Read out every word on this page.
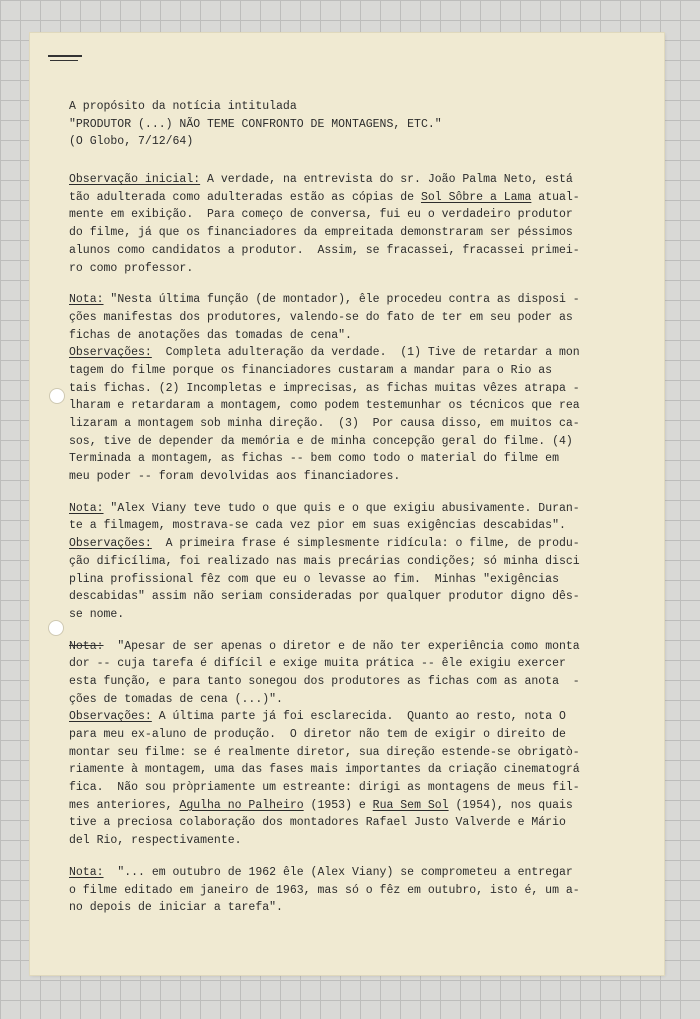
A propósito da notícia intitulada
"PRODUTOR (...) NÃO TEME CONFRONTO DE MONTAGENS, ETC."
(O Globo, 7/12/64)
Observação inicial: A verdade, na entrevista do sr. João Palma Neto, está
tão adulterada como adulteradas estão as cópias de Sol Sôbre a Lama atual-
mente em exibição.  Para começo de conversa, fui eu o verdadeiro produtor
do filme, já que os financiadores da empreitada demonstraram ser péssimos
alunos como candidatos a produtor.  Assim, se fracassei, fracassei primei-
ro como professor.
Nota: "Nesta última função (de montador), êle procedeu contra as disposi -
ções manifestas dos produtores, valendo-se do fato de ter em seu poder as
fichas de anotações das tomadas de cena".
Observações:  Completa adulteração da verdade.  (1) Tive de retardar a mon
tagem do filme porque os financiadores custaram a mandar para o Rio as
tais fichas. (2) Incompletas e imprecisas, as fichas muitas vêzes atrapa -
lharam e retardaram a montagem, como podem testemunhar os técnicos que rea
lizaram a montagem sob minha direção.  (3)  Por causa disso, em muitos ca-
sos, tive de depender da memória e de minha concepção geral do filme. (4)
Terminada a montagem, as fichas -- bem como todo o material do filme em
meu poder -- foram devolvidas aos financiadores.
Nota: "Alex Viany teve tudo o que quis e o que exigiu abusivamente. Duran-
te a filmagem, mostrava-se cada vez pior em suas exigências descabidas".
Observações:  A primeira frase é simplesmente ridícula: o filme, de produ-
ção dificílima, foi realizado nas mais precárias condições; só minha disci
plina profissional fêz com que eu o levasse ao fim.  Minhas "exigências
descabidas" assim não seriam consideradas por qualquer produtor digno dês-
se nome.
Nota:  "Apesar de ser apenas o diretor e de não ter experiência como monta
dor -- cuja tarefa é difícil e exige muita prática -- êle exigiu exercer
esta função, e para tanto sonegou dos produtores as fichas com as anota  -
ções de tomadas de cena (...)".
Observações: A última parte já foi esclarecida.  Quanto ao resto, nota O
para meu ex-aluno de produção.  O diretor não tem de exigir o direito de
montar seu filme: se é realmente diretor, sua direção estende-se obrigatò-
riamente à montagem, uma das fases mais importantes da criação cinematográ
fica.  Não sou pròpriamente um estreante: dirigi as montagens de meus fil-
mes anteriores, Agulha no Palheiro (1953) e Rua Sem Sol (1954), nos quais
tive a preciosa colaboração dos montadores Rafael Justo Valverde e Mário
del Rio, respectivamente.
Nota:  "... em outubro de 1962 êle (Alex Viany) se comprometeu a entregar
o filme editado em janeiro de 1963, mas só o fêz em outubro, isto é, um a-
no depois de iniciar a tarefa".
